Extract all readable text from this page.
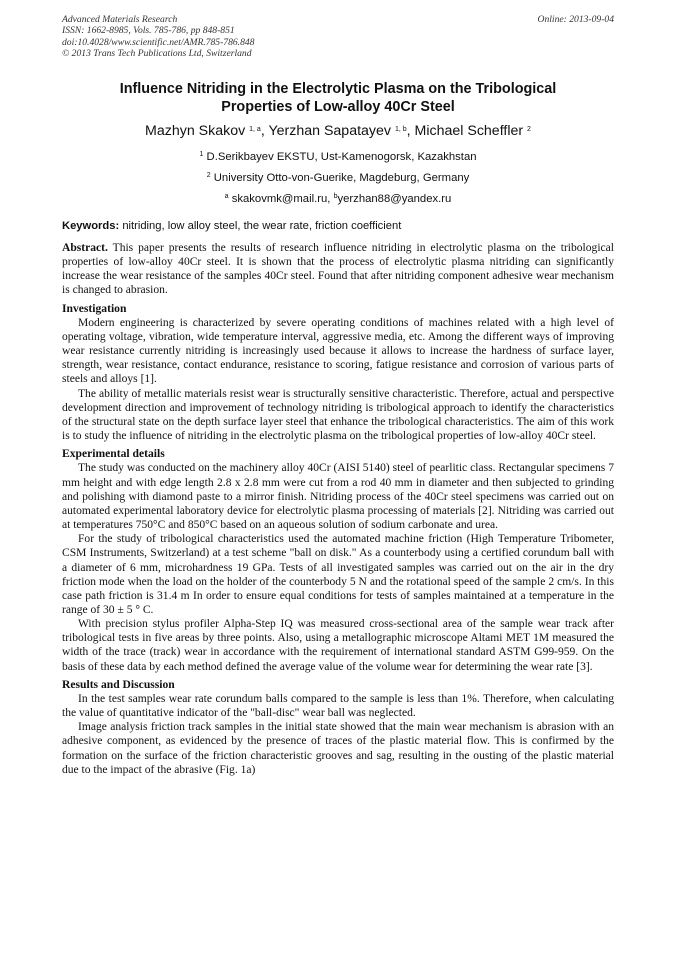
Advanced Materials Research
ISSN: 1662-8985, Vols. 785-786, pp 848-851
doi:10.4028/www.scientific.net/AMR.785-786.848
© 2013 Trans Tech Publications Ltd, Switzerland
Online: 2013-09-04
Influence Nitriding in the Electrolytic Plasma on the Tribological
Properties of Low-alloy 40Cr Steel
Mazhyn Skakov $^{1, a}$, Yerzhan Sapatayev $^{1, b}$, Michael Scheffler $^2$
$^1$ D.Serikbayev EKSTU, Ust-Kamenogorsk, Kazakhstan
$^2$ University Otto-von-Guerike, Magdeburg, Germany
$^a$ skakovmk@mail.ru, $^b$yerzhan88@yandex.ru
Keywords: nitriding, low alloy steel, the wear rate, friction coefficient

Abstract. This paper presents the results of research influence nitriding in electrolytic plasma on the tribological properties of low-alloy 40Cr steel. It is shown that the process of electrolytic plasma nitriding can significantly increase the wear resistance of the samples 40Cr steel. Found that after nitriding component adhesive wear mechanism is changed to abrasion.

Investigation

Modern engineering is characterized by severe operating conditions of machines related with a high level of operating voltage, vibration, wide temperature interval, aggressive media, etc. Among the different ways of improving wear resistance currently nitriding is increasingly used because it allows to increase the hardness of surface layer, strength, wear resistance, contact endurance, resistance to scoring, fatigue resistance and corrosion of various parts of steels and alloys [1].

The ability of metallic materials resist wear is structurally sensitive characteristic. Therefore, actual and perspective development direction and improvement of technology nitriding is tribological approach to identify the characteristics of the structural state on the depth surface layer steel that enhance the tribological characteristics. The aim of this work is to study the influence of nitriding in the electrolytic plasma on the tribological properties of low-alloy 40Cr steel.

Experimental details

The study was conducted on the machinery alloy 40Cr (AISI 5140) steel of pearlitic class. Rectangular specimens 7 mm height and with edge length 2.8 x 2.8 mm were cut from a rod 40 mm in diameter and then subjected to grinding and polishing with diamond paste to a mirror finish. Nitriding process of the 40Cr steel specimens was carried out on automated experimental laboratory device for electrolytic plasma processing of materials [2]. Nitriding was carried out at temperatures 750°C and 850°C based on an aqueous solution of sodium carbonate and urea.

For the study of tribological characteristics used the automated machine friction (High Temperature Tribometer, CSM Instruments, Switzerland) at a test scheme "ball on disk." As a counterbody using a certified corundum ball with a diameter of 6 mm, microhardness 19 GPa. Tests of all investigated samples was carried out on the air in the dry friction mode when the load on the holder of the counterbody 5 N and the rotational speed of the sample 2 cm/s. In this case path friction is 31.4 m In order to ensure equal conditions for tests of samples maintained at a temperature in the range of 30 ± 5 ° C.

With precision stylus profiler Alpha-Step IQ was measured cross-sectional area of the sample wear track after tribological tests in five areas by three points. Also, using a metallographic microscope Altami MET 1M measured the width of the trace (track) wear in accordance with the requirement of international standard ASTM G99-959. On the basis of these data by each method defined the average value of the volume wear for determining the wear rate [3].

Results and Discussion

In the test samples wear rate corundum balls compared to the sample is less than 1%. Therefore, when calculating the value of quantitative indicator of the "ball-disc" wear ball was neglected.

Image analysis friction track samples in the initial state showed that the main wear mechanism is abrasion with an adhesive component, as evidenced by the presence of traces of the plastic material flow. This is confirmed by the formation on the surface of the friction characteristic grooves and sag, resulting in the ousting of the plastic material due to the impact of the abrasive (Fig. 1a)
